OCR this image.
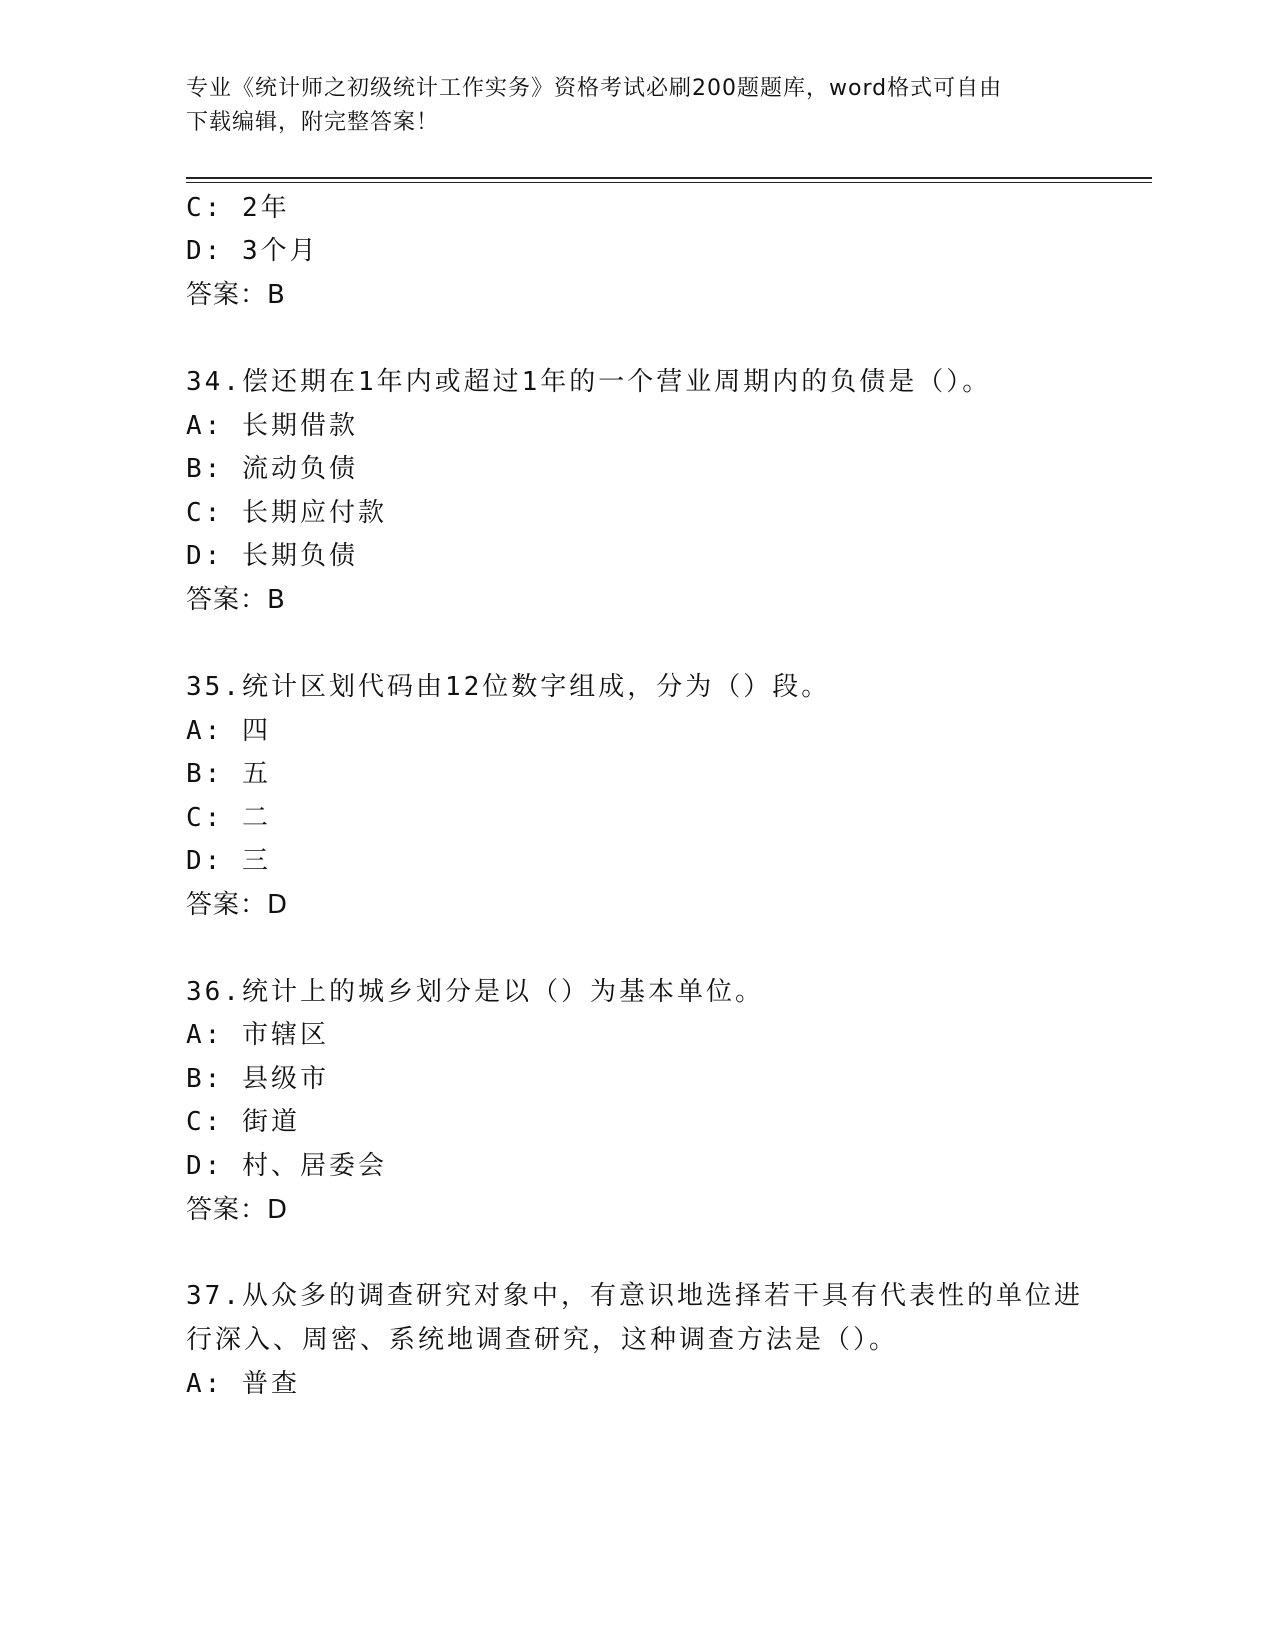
专业《统计师之初级统计工作实务》资格考试必刷200题题库，word格式可自由
下载编辑，附完整答案！
C: 2年
D: 3个月
答案：B
34.偿还期在1年内或超过1年的一个营业周期内的负债是（）。
A: 长期借款
B: 流动负债
C: 长期应付款
D: 长期负债
答案：B
35.统计区划代码由12位数字组成，分为（）段。
A: 四
B: 五
C: 二
D: 三
答案：D
36.统计上的城乡划分是以（）为基本单位。
A: 市辖区
B: 县级市
C: 街道
D: 村、居委会
答案：D
37.从众多的调查研究对象中，有意识地选择若干具有代表性的单位进
行深入、周密、系统地调查研究，这种调查方法是（）。
A: 普查
